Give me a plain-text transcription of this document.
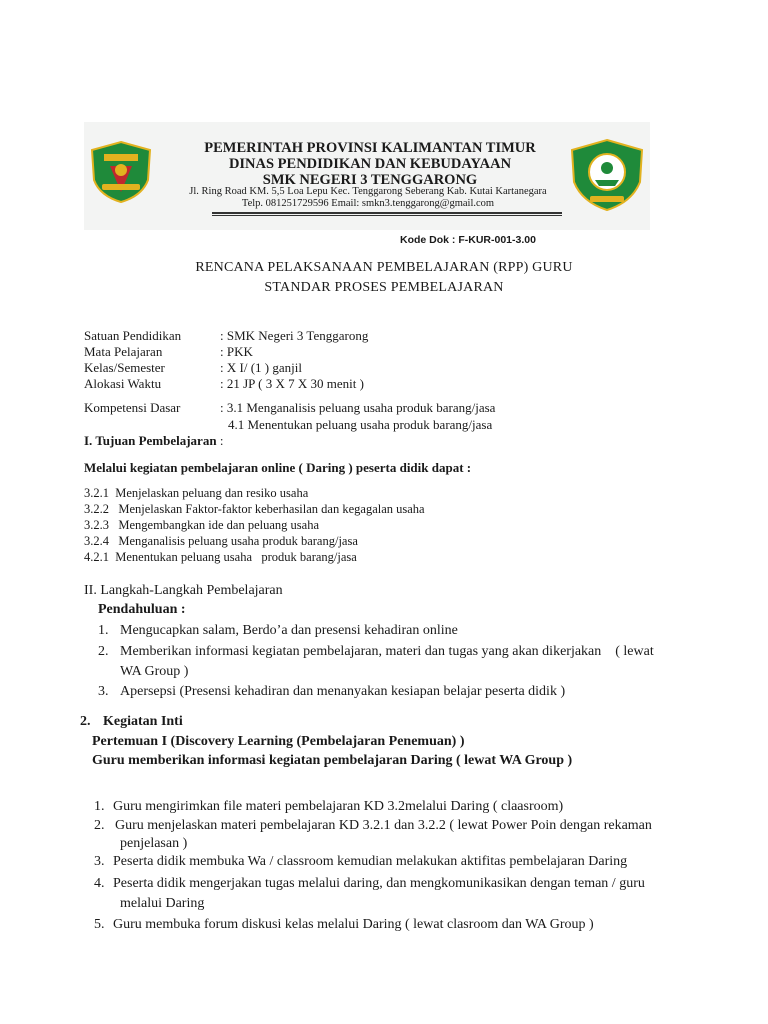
PEMERINTAH PROVINSI KALIMANTAN TIMUR
DINAS PENDIDIKAN DAN KEBUDAYAAN
SMK NEGERI 3 TENGGARONG
Jl. Ring Road KM. 5,5 Loa Lepu Kec. Tenggarong Seberang Kab. Kutai Kartanegara
Telp. 081251729596 Email: smkn3.tenggarong@gmail.com
Kode Dok : F-KUR-001-3.00
RENCANA PELAKSANAAN PEMBELAJARAN (RPP) GURU
STANDAR PROSES PEMBELAJARAN
Satuan Pendidikan	: SMK Negeri 3 Tenggarong
Mata Pelajaran	: PKK
Kelas/Semester	: X I/ (1 ) ganjil
Alokasi Waktu	: 21 JP ( 3 X 7 X 30 menit )
Kompetensi Dasar	: 3.1 Menganalisis peluang usaha produk barang/jasa
4.1 Menentukan peluang usaha produk barang/jasa
I. Tujuan Pembelajaran :
Melalui kegiatan pembelajaran online ( Daring ) peserta didik dapat :
3.2.1  Menjelaskan peluang dan resiko usaha
3.2.2   Menjelaskan Faktor-faktor keberhasilan dan kegagalan usaha
3.2.3   Mengembangkan ide dan peluang usaha
3.2.4   Menganalisis peluang usaha produk barang/jasa
4.2.1  Menentukan peluang usaha   produk barang/jasa
II. Langkah-Langkah Pembelajaran
Pendahuluan :
1. Mengucapkan salam, Berdo’a dan presensi kehadiran online
2. Memberikan informasi kegiatan pembelajaran, materi dan tugas yang akan dikerjakan    ( lewat
WA Group )
3. Apersepsi (Presensi kehadiran dan menanyakan kesiapan belajar peserta didik )
2. Kegiatan Inti
Pertemuan I (Discovery Learning (Pembelajaran Penemuan) )
Guru memberikan informasi kegiatan pembelajaran Daring ( lewat WA Group )
1. Guru mengirimkan file materi pembelajaran KD 3.2melalui Daring ( claasroom)
2. Guru menjelaskan materi pembelajaran KD 3.2.1 dan 3.2.2 ( lewat Power Poin dengan rekaman
penjelasan )
3. Peserta didik membuka Wa / classroom kemudian melakukan aktifitas pembelajaran Daring
4. Peserta didik mengerjakan tugas melalui daring, dan mengkomunikasikan dengan teman / guru
melalui Daring
5. Guru membuka forum diskusi kelas melalui Daring ( lewat clasroom dan WA Group )
